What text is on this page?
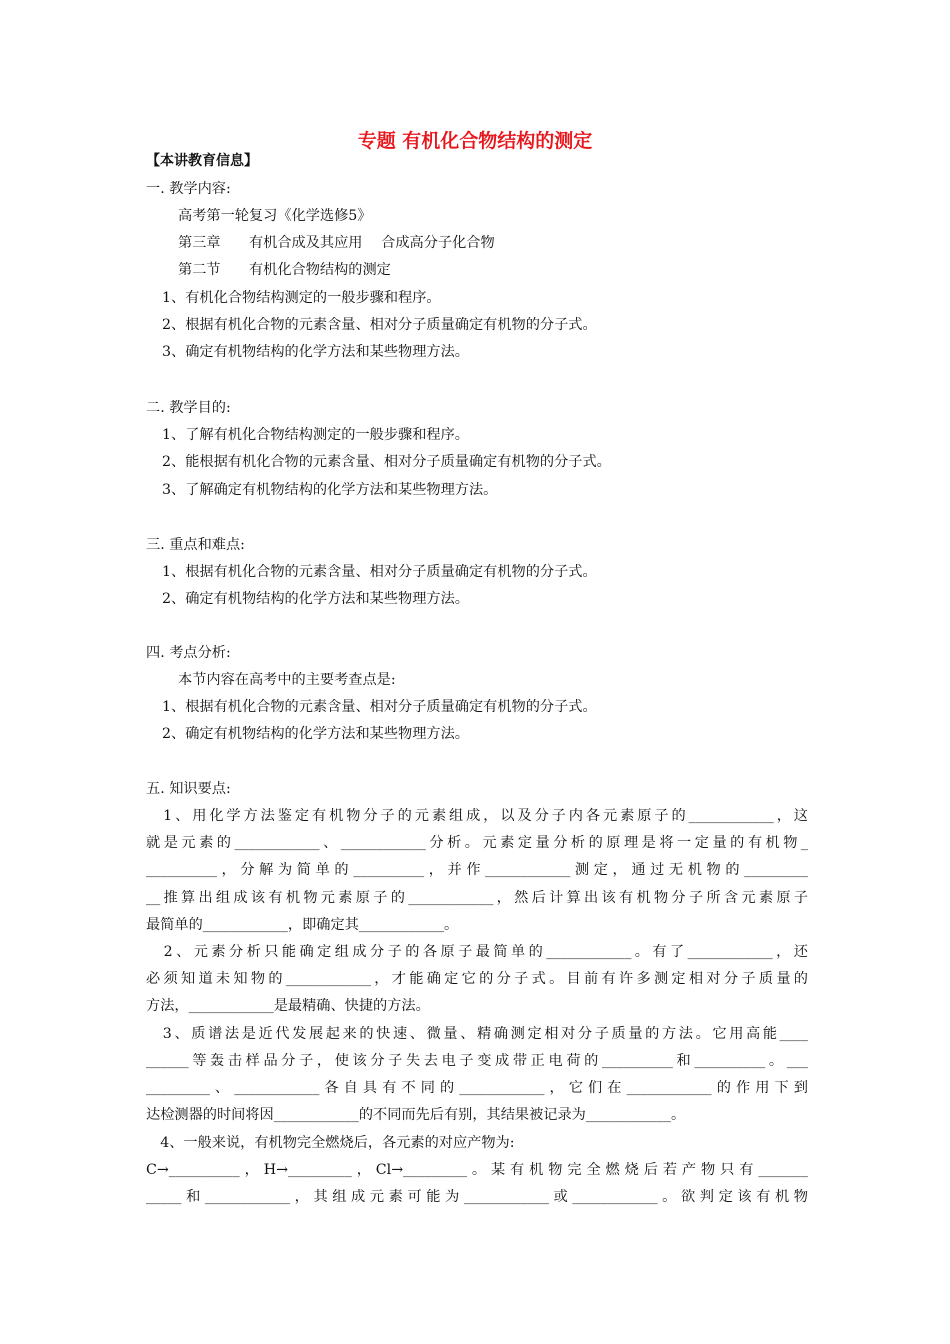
专题 有机化合物结构的测定
【本讲教育信息】
一. 教学内容:
高考第一轮复习《化学选修5》
第三章　　有机合成及其应用　 合成高分子化合物
第二节　　有机化合物结构的测定
1、有机化合物结构测定的一般步骤和程序。
2、根据有机化合物的元素含量、相对分子质量确定有机物的分子式。
3、确定有机物结构的化学方法和某些物理方法。
二. 教学目的:
1、了解有机化合物结构测定的一般步骤和程序。
2、能根据有机化合物的元素含量、相对分子质量确定有机物的分子式。
3、了解确定有机物结构的化学方法和某些物理方法。
三. 重点和难点:
1、根据有机化合物的元素含量、相对分子质量确定有机物的分子式。
2、确定有机物结构的化学方法和某些物理方法。
四. 考点分析:
本节内容在高考中的主要考查点是:
1、根据有机化合物的元素含量、相对分子质量确定有机物的分子式。
2、确定有机物结构的化学方法和某些物理方法。
五. 知识要点:
　1、用化学方法鉴定有机物分子的元素组成，以及分子内各元素原子的____________，这
就是元素的____________、____________分析。元素定量分析的原理是将一定量的有机物_
__________，分解为简单的__________，并作____________测定，通过无机物的_________
__推算出组成该有机物元素原子的____________，然后计算出该有机物分子所含元素原子
最简单的____________，即确定其____________。
　2、元素分析只能确定组成分子的各原子最简单的____________。有了____________，还
必须知道未知物的____________，才能确定它的分子式。目前有许多测定相对分子质量的
方法，____________是最精确、快捷的方法。
　3、质谱法是近代发展起来的快速、微量、精确测定相对分子质量的方法。它用高能____
______等轰击样品分子，使该分子失去电子变成带正电荷的__________和__________。___
_________、____________各自具有不同的____________，它们在____________的作用下到
达检测器的时间将因____________的不同而先后有别，其结果被记录为____________。
　4、一般来说，有机物完全燃烧后，各元素的对应产物为:
C→__________，H→_________，Cl→_________。某有机物完全燃烧后若产物只有_______
_____和____________，其组成元素可能为____________或____________。欲判定该有机物
